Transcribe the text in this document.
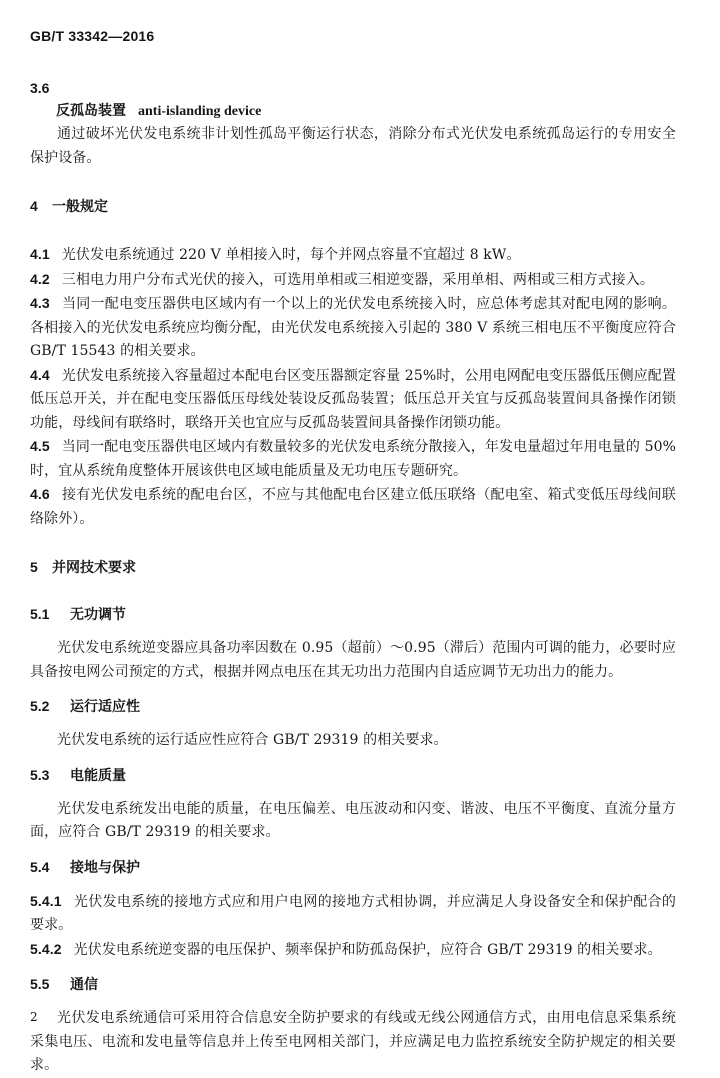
GB/T 33342—2016

3.6

反孤岛装置 anti-islanding device

通过破坏光伏发电系统非计划性孤岛平衡运行状态，消除分布式光伏发电系统孤岛运行的专用安全保护设备。

4 一般规定

4.1 光伏发电系统通过 220 V 单相接入时，每个并网点容量不宜超过 8 kW。

4.2 三相电力用户分布式光伏的接入，可选用单相或三相逆变器，采用单相、两相或三相方式接入。

4.3 当同一配电变压器供电区域内有一个以上的光伏发电系统接入时，应总体考虑其对配电网的影响。各相接入的光伏发电系统应均衡分配，由光伏发电系统接入引起的 380 V 系统三相电压不平衡度应符合 GB/T 15543 的相关要求。

4.4 光伏发电系统接入容量超过本配电台区变压器额定容量 25%时，公用电网配电变压器低压侧应配置低压总开关，并在配电变压器低压母线处装设反孤岛装置；低压总开关宜与反孤岛装置间具备操作闭锁功能，母线间有联络时，联络开关也宜应与反孤岛装置间具备操作闭锁功能。

4.5 当同一配电变压器供电区域内有数量较多的光伏发电系统分散接入，年发电量超过年用电量的 50%时，宜从系统角度整体开展该供电区域电能质量及无功电压专题研究。

4.6 接有光伏发电系统的配电台区，不应与其他配电台区建立低压联络（配电室、箱式变低压母线间联络除外）。

5 并网技术要求

5.1 无功调节

光伏发电系统逆变器应具备功率因数在 0.95（超前）～0.95（滞后）范围内可调的能力，必要时应具备按电网公司预定的方式，根据并网点电压在其无功出力范围内自适应调节无功出力的能力。

5.2 运行适应性

光伏发电系统的运行适应性应符合 GB/T 29319 的相关要求。

5.3 电能质量

光伏发电系统发出电能的质量，在电压偏差、电压波动和闪变、谐波、电压不平衡度、直流分量方面，应符合 GB/T 29319 的相关要求。

5.4 接地与保护

5.4.1 光伏发电系统的接地方式应和用户电网的接地方式相协调，并应满足人身设备安全和保护配合的要求。

5.4.2 光伏发电系统逆变器的电压保护、频率保护和防孤岛保护，应符合 GB/T 29319 的相关要求。

5.5 通信

光伏发电系统通信可采用符合信息安全防护要求的有线或无线公网通信方式，由用电信息采集系统采集电压、电流和发电量等信息并上传至电网相关部门，并应满足电力监控系统安全防护规定的相关要求。

2
